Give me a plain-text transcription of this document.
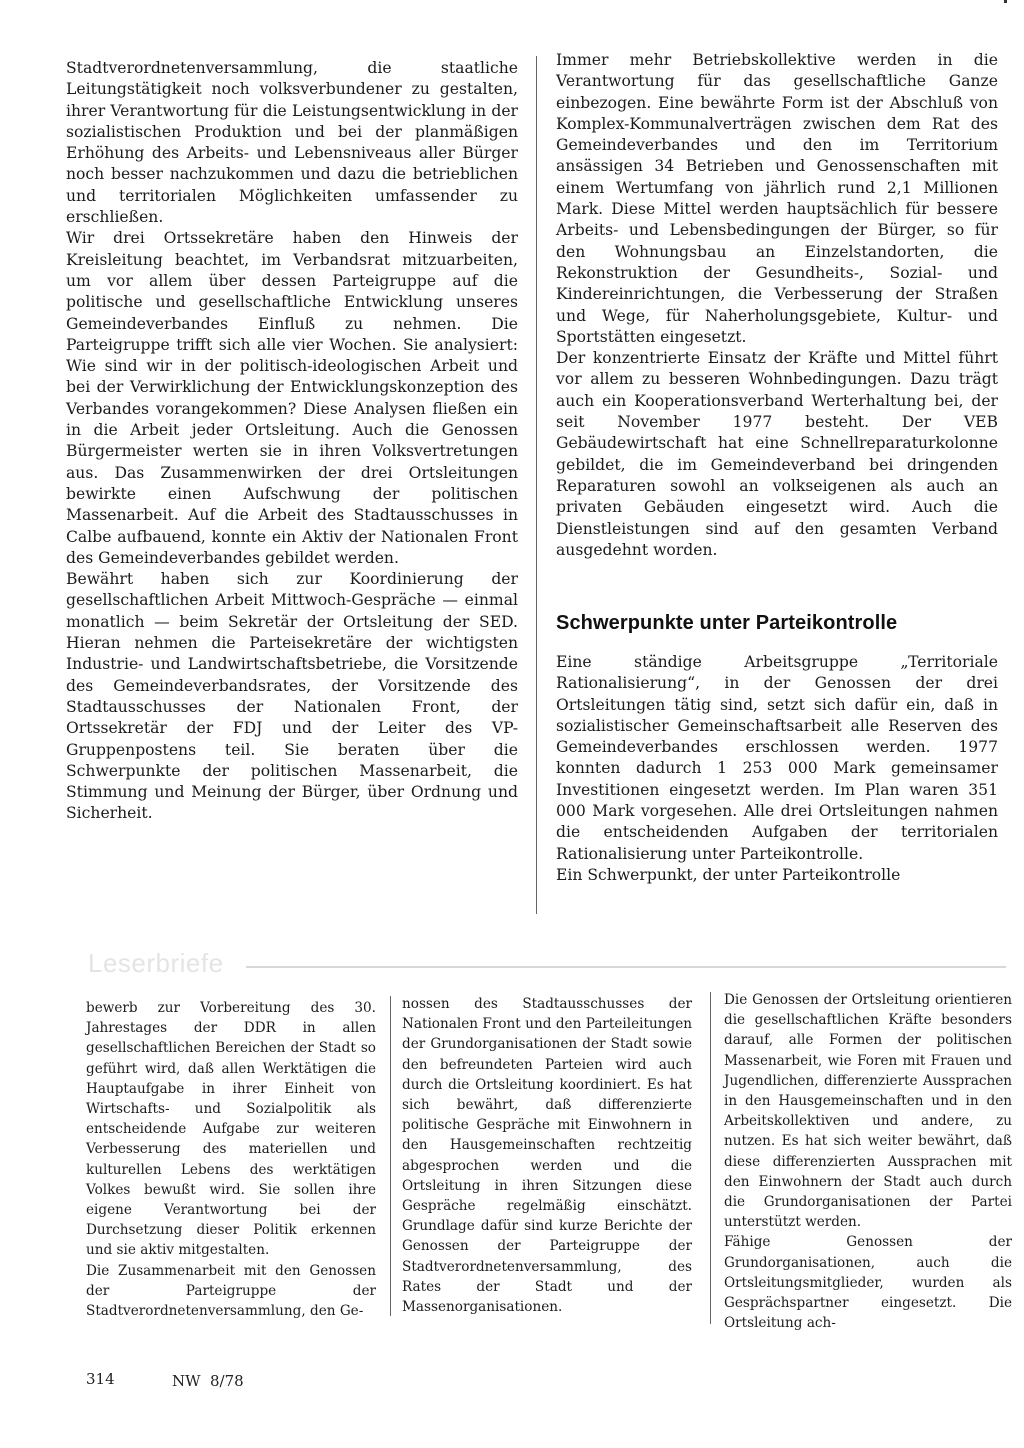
Stadtverordnetenversammlung, die staatliche Leitungstätigkeit noch volksverbundener zu gestalten, ihrer Verantwortung für die Leistungsentwicklung in der sozialistischen Produktion und bei der planmäßigen Erhöhung des Arbeits- und Lebensniveaus aller Bürger noch besser nachzukommen und dazu die betrieblichen und territorialen Möglichkeiten umfassender zu erschließen.

Wir drei Ortssekretäre haben den Hinweis der Kreisleitung beachtet, im Verbandsrat mitzuarbeiten, um vor allem über dessen Parteigruppe auf die politische und gesellschaftliche Entwicklung unseres Gemeindeverbandes Einfluß zu nehmen. Die Parteigruppe trifft sich alle vier Wochen. Sie analysiert: Wie sind wir in der politisch-ideologischen Arbeit und bei der Verwirklichung der Entwicklungskonzeption des Verbandes vorangekommen? Diese Analysen fließen ein in die Arbeit jeder Ortsleitung. Auch die Genossen Bürgermeister werten sie in ihren Volksvertretungen aus. Das Zusammenwirken der drei Ortsleitungen bewirkte einen Aufschwung der politischen Massenarbeit. Auf die Arbeit des Stadtausschusses in Calbe aufbauend, konnte ein Aktiv der Nationalen Front des Gemeindeverbandes gebildet werden.

Bewährt haben sich zur Koordinierung der gesellschaftlichen Arbeit Mittwoch-Gespräche — einmal monatlich — beim Sekretär der Ortsleitung der SED. Hieran nehmen die Parteisekretäre der wichtigsten Industrie- und Landwirtschaftsbetriebe, die Vorsitzende des Gemeindeverbandsrates, der Vorsitzende des Stadtausschusses der Nationalen Front, der Ortssekretär der FDJ und der Leiter des VP-Gruppenpostens teil. Sie beraten über die Schwerpunkte der politischen Massenarbeit, die Stimmung und Meinung der Bürger, über Ordnung und Sicherheit.

Immer mehr Betriebskollektive werden in die Verantwortung für das gesellschaftliche Ganze einbezogen. Eine bewährte Form ist der Abschluß von Komplex-Kommunalverträgen zwischen dem Rat des Gemeindeverbandes und den im Territorium ansässigen 34 Betrieben und Genossenschaften mit einem Wertumfang von jährlich rund 2,1 Millionen Mark. Diese Mittel werden hauptsächlich für bessere Arbeits- und Lebensbedingungen der Bürger, so für den Wohnungsbau an Einzelstandorten, die Rekonstruktion der Gesundheits-, Sozial- und Kindereinrichtungen, die Verbesserung der Straßen und Wege, für Naherholungsgebiete, Kultur- und Sportstätten eingesetzt.

Der konzentrierte Einsatz der Kräfte und Mittel führt vor allem zu besseren Wohnbedingungen. Dazu trägt auch ein Kooperationsverband Werterhaltung bei, der seit November 1977 besteht. Der VEB Gebäudewirtschaft hat eine Schnellreparaturkolonne gebildet, die im Gemeindeverband bei dringenden Reparaturen sowohl an volkseigenen als auch an privaten Gebäuden eingesetzt wird. Auch die Dienstleistungen sind auf den gesamten Verband ausgedehnt worden.

Schwerpunkte unter Parteikontrolle

Eine ständige Arbeitsgruppe „Territoriale Rationalisierung“, in der Genossen der drei Ortsleitungen tätig sind, setzt sich dafür ein, daß in sozialistischer Gemeinschaftsarbeit alle Reserven des Gemeindeverbandes erschlossen werden. 1977 konnten dadurch 1 253 000 Mark gemeinsamer Investitionen eingesetzt werden. Im Plan waren 351 000 Mark vorgesehen. Alle drei Ortsleitungen nahmen die entscheidenden Aufgaben der territorialen Rationalisierung unter Parteikontrolle.

Ein Schwerpunkt, der unter Parteikontrolle

Leserbriefe

bewerb zur Vorbereitung des 30. Jahrestages der DDR in allen gesellschaftlichen Bereichen der Stadt so geführt wird, daß allen Werktätigen die Hauptaufgabe in ihrer Einheit von Wirtschafts- und Sozialpolitik als entscheidende Aufgabe zur weiteren Verbesserung des materiellen und kulturellen Lebens des werktätigen Volkes bewußt wird. Sie sollen ihre eigene Verantwortung bei der Durchsetzung dieser Politik erkennen und sie aktiv mitgestalten.

Die Zusammenarbeit mit den Genossen der Parteigruppe der Stadtverordnetenversammlung, den Ge-

nossen des Stadtausschusses der Nationalen Front und den Parteileitungen der Grundorganisationen der Stadt sowie den befreundeten Parteien wird auch durch die Ortsleitung koordiniert. Es hat sich bewährt, daß differenzierte politische Gespräche mit Einwohnern in den Hausgemeinschaften rechtzeitig abgesprochen werden und die Ortsleitung in ihren Sitzungen diese Gespräche regelmäßig einschätzt. Grundlage dafür sind kurze Berichte der Genossen der Parteigruppe der Stadtverordnetenversammlung, des Rates der Stadt und der Massenorganisationen.

Die Genossen der Ortsleitung orientieren die gesellschaftlichen Kräfte besonders darauf, alle Formen der politischen Massenarbeit, wie Foren mit Frauen und Jugendlichen, differenzierte Aussprachen in den Hausgemeinschaften und in den Arbeitskollektiven und andere, zu nutzen. Es hat sich weiter bewährt, daß diese differenzierten Aussprachen mit den Einwohnern der Stadt auch durch die Grundorganisationen der Partei unterstützt werden.

Fähige Genossen der Grundorganisationen, auch die Ortsleitungsmitglieder, wurden als Gesprächspartner eingesetzt. Die Ortsleitung ach-

314	NW 8/78
